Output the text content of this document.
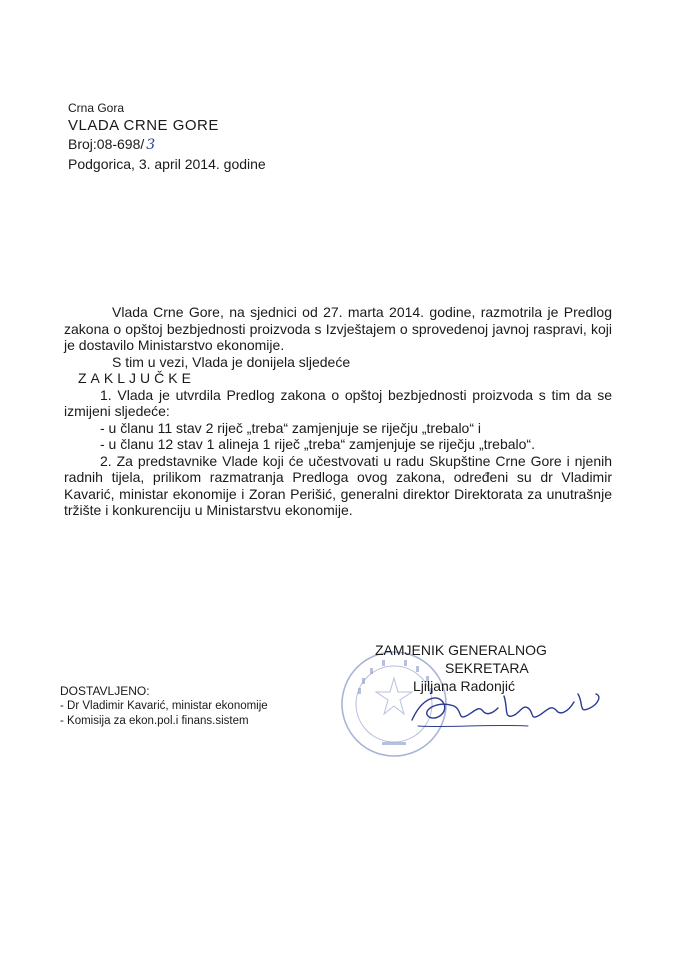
Crna Gora
VLADA CRNE GORE
Broj:08-698/ 3
Podgorica, 3. april 2014. godine

Vlada Crne Gore, na sjednici od 27. marta 2014. godine, razmotrila je Predlog zakona o opštoj bezbjednosti proizvoda s Izvještajem o sprovedenoj javnoj raspravi, koji je dostavilo Ministarstvo ekonomije.

S tim u vezi, Vlada je donijela sljedeće

ZAKLJUČKE

1. Vlada je utvrdila Predlog zakona o opštoj bezbjednosti proizvoda s tim da se izmijeni sljedeće:

- u članu 11 stav 2 riječ „treba“ zamjenjuje se riječju „trebalo“ i

- u članu 12 stav 1 alineja 1 riječ „treba“ zamjenjuje se riječju „trebalo“.

2. Za predstavnike Vlade koji će učestvovati u radu Skupštine Crne Gore i njenih radnih tijela, prilikom razmatranja Predloga ovog zakona, određeni su dr Vladimir Kavarić, ministar ekonomije i Zoran Perišić, generalni direktor Direktorata za unutrašnje tržište i konkurenciju u Ministarstvu ekonomije.

ZAMJENIK GENERALNOG
SEKRETARA
Ljiljana Radonjić
DOSTAVLJENO:
- Dr Vladimir Kavarić, ministar ekonomije
- Komisija za ekon.pol.i finans.sistem
